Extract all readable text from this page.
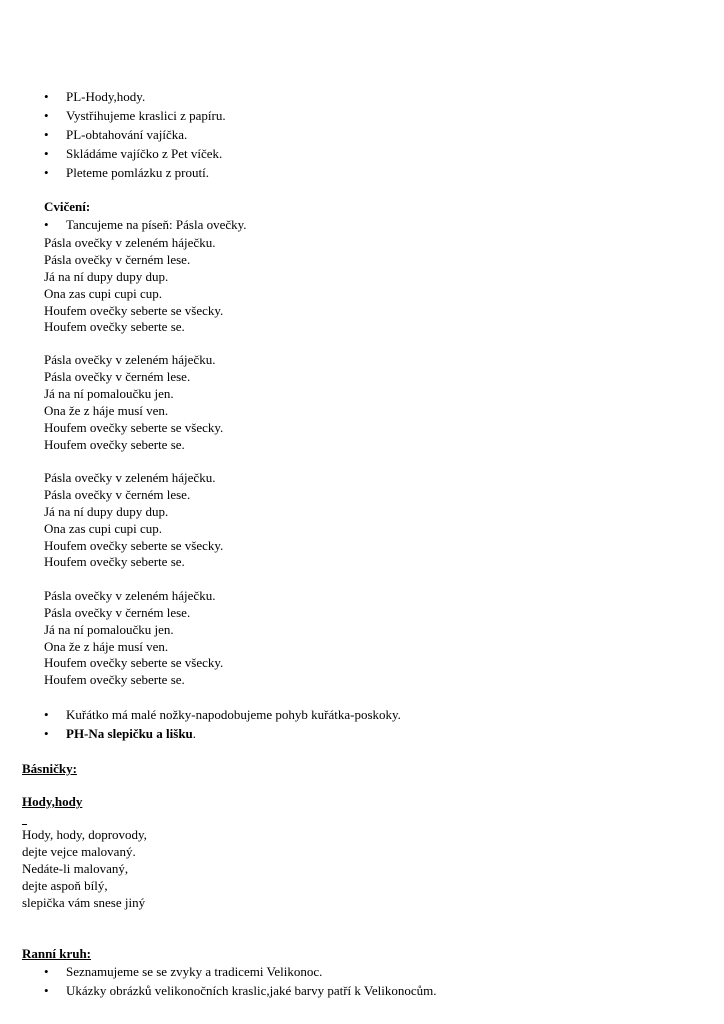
• PL-Hody,hody.
• Vystřihujeme kraslici z papíru.
• PL-obtahování vajíčka.
• Skládáme vajíčko z Pet víček.
• Pleteme pomlázku z proutí.
Cvičení:
• Tancujeme na píseň: Pásla ovečky.
Pásla ovečky v zeleném háječku.
Pásla ovečky v černém lese.
Já na ní dupy dupy dup.
Ona zas cupi cupi cup.
Houfem ovečky seberte se všecky.
Houfem ovečky seberte se.
Pásla ovečky v zeleném háječku.
Pásla ovečky v černém lese.
Já na ní pomaloučku jen.
Ona že z háje musí ven.
Houfem ovečky seberte se všecky.
Houfem ovečky seberte se.
Pásla ovečky v zeleném háječku.
Pásla ovečky v černém lese.
Já na ní dupy dupy dup.
Ona zas cupi cupi cup.
Houfem ovečky seberte se všecky.
Houfem ovečky seberte se.
Pásla ovečky v zeleném háječku.
Pásla ovečky v černém lese.
Já na ní pomaloučku jen.
Ona že z háje musí ven.
Houfem ovečky seberte se všecky.
Houfem ovečky seberte se.
• Kuřátko má malé nožky-napodobujeme pohyb kuřátka-poskoky.
• PH-Na slepičku a lišku.
Básničky:
Hody,hody
Hody, hody, doprovody,
dejte vejce malovaný.
Nedáte-li malovaný,
dejte aspoň bílý,
slepička vám snese jiný
Ranní kruh:
• Seznamujeme se se zvyky a tradicemi Velikonoc.
• Ukázky obrázků velikonočních kraslic,jaké barvy patří k Velikonocům.
